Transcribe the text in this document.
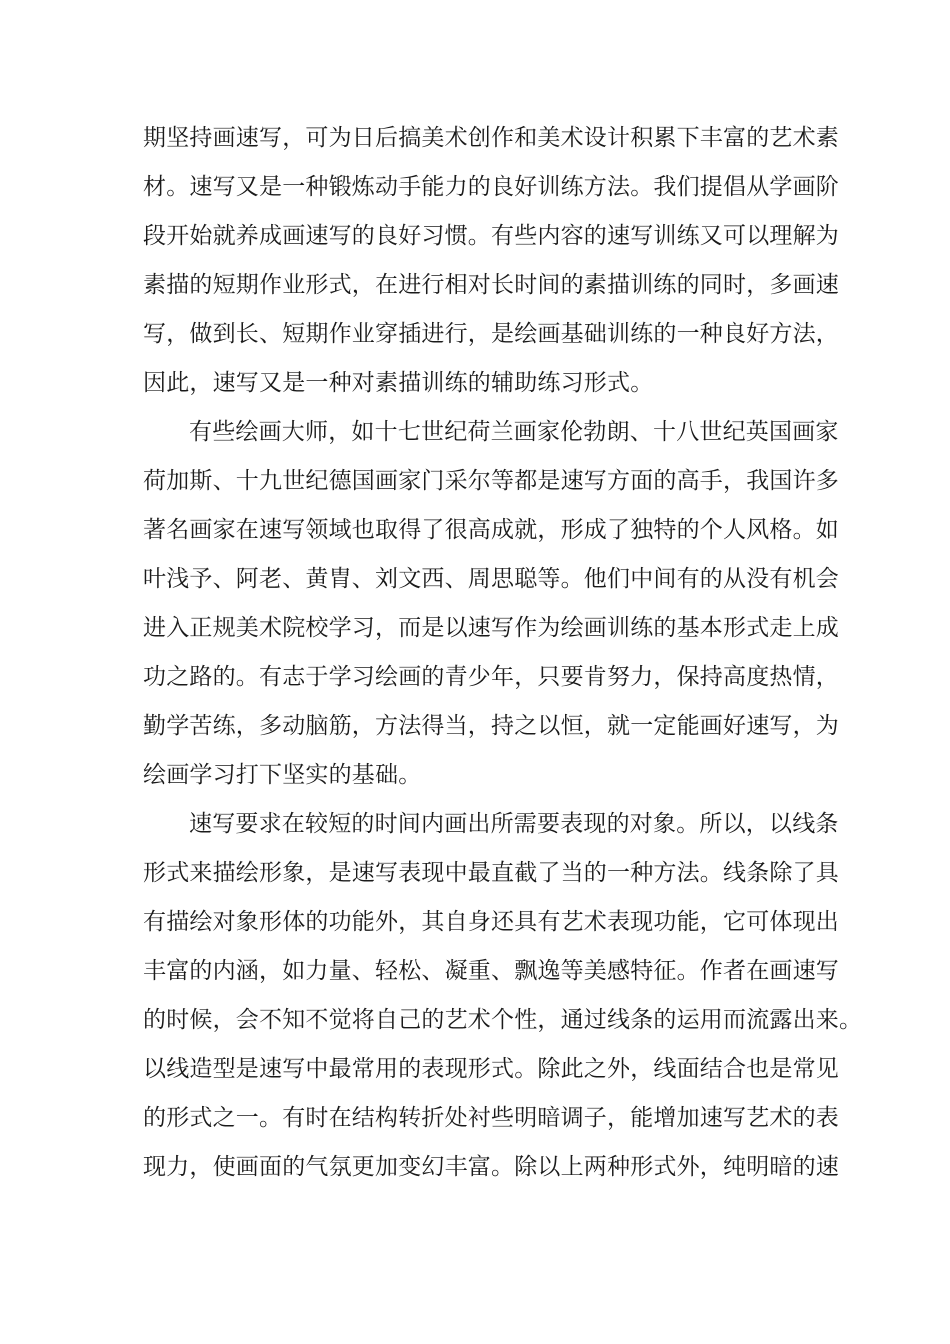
期坚持画速写，可为日后搞美术创作和美术设计积累下丰富的艺术素
材。速写又是一种锻炼动手能力的良好训练方法。我们提倡从学画阶
段开始就养成画速写的良好习惯。有些内容的速写训练又可以理解为
素描的短期作业形式，在进行相对长时间的素描训练的同时，多画速
写，做到长、短期作业穿插进行，是绘画基础训练的一种良好方法，
因此，速写又是一种对素描训练的辅助练习形式。
有些绘画大师，如十七世纪荷兰画家伦勃朗、十八世纪英国画家
荷加斯、十九世纪德国画家门采尔等都是速写方面的高手，我国许多
著名画家在速写领域也取得了很高成就，形成了独特的个人风格。如
叶浅予、阿老、黄胄、刘文西、周思聪等。他们中间有的从没有机会
进入正规美术院校学习，而是以速写作为绘画训练的基本形式走上成
功之路的。有志于学习绘画的青少年，只要肯努力，保持高度热情，
勤学苦练，多动脑筋，方法得当，持之以恒，就一定能画好速写，为
绘画学习打下坚实的基础。
速写要求在较短的时间内画出所需要表现的对象。所以，以线条
形式来描绘形象，是速写表现中最直截了当的一种方法。线条除了具
有描绘对象形体的功能外，其自身还具有艺术表现功能，它可体现出
丰富的内涵，如力量、轻松、凝重、飘逸等美感特征。作者在画速写
的时候，会不知不觉将自己的艺术个性，通过线条的运用而流露出来。
以线造型是速写中最常用的表现形式。除此之外，线面结合也是常见
的形式之一。有时在结构转折处衬些明暗调子，能增加速写艺术的表
现力，使画面的气氛更加变幻丰富。除以上两种形式外，纯明暗的速
